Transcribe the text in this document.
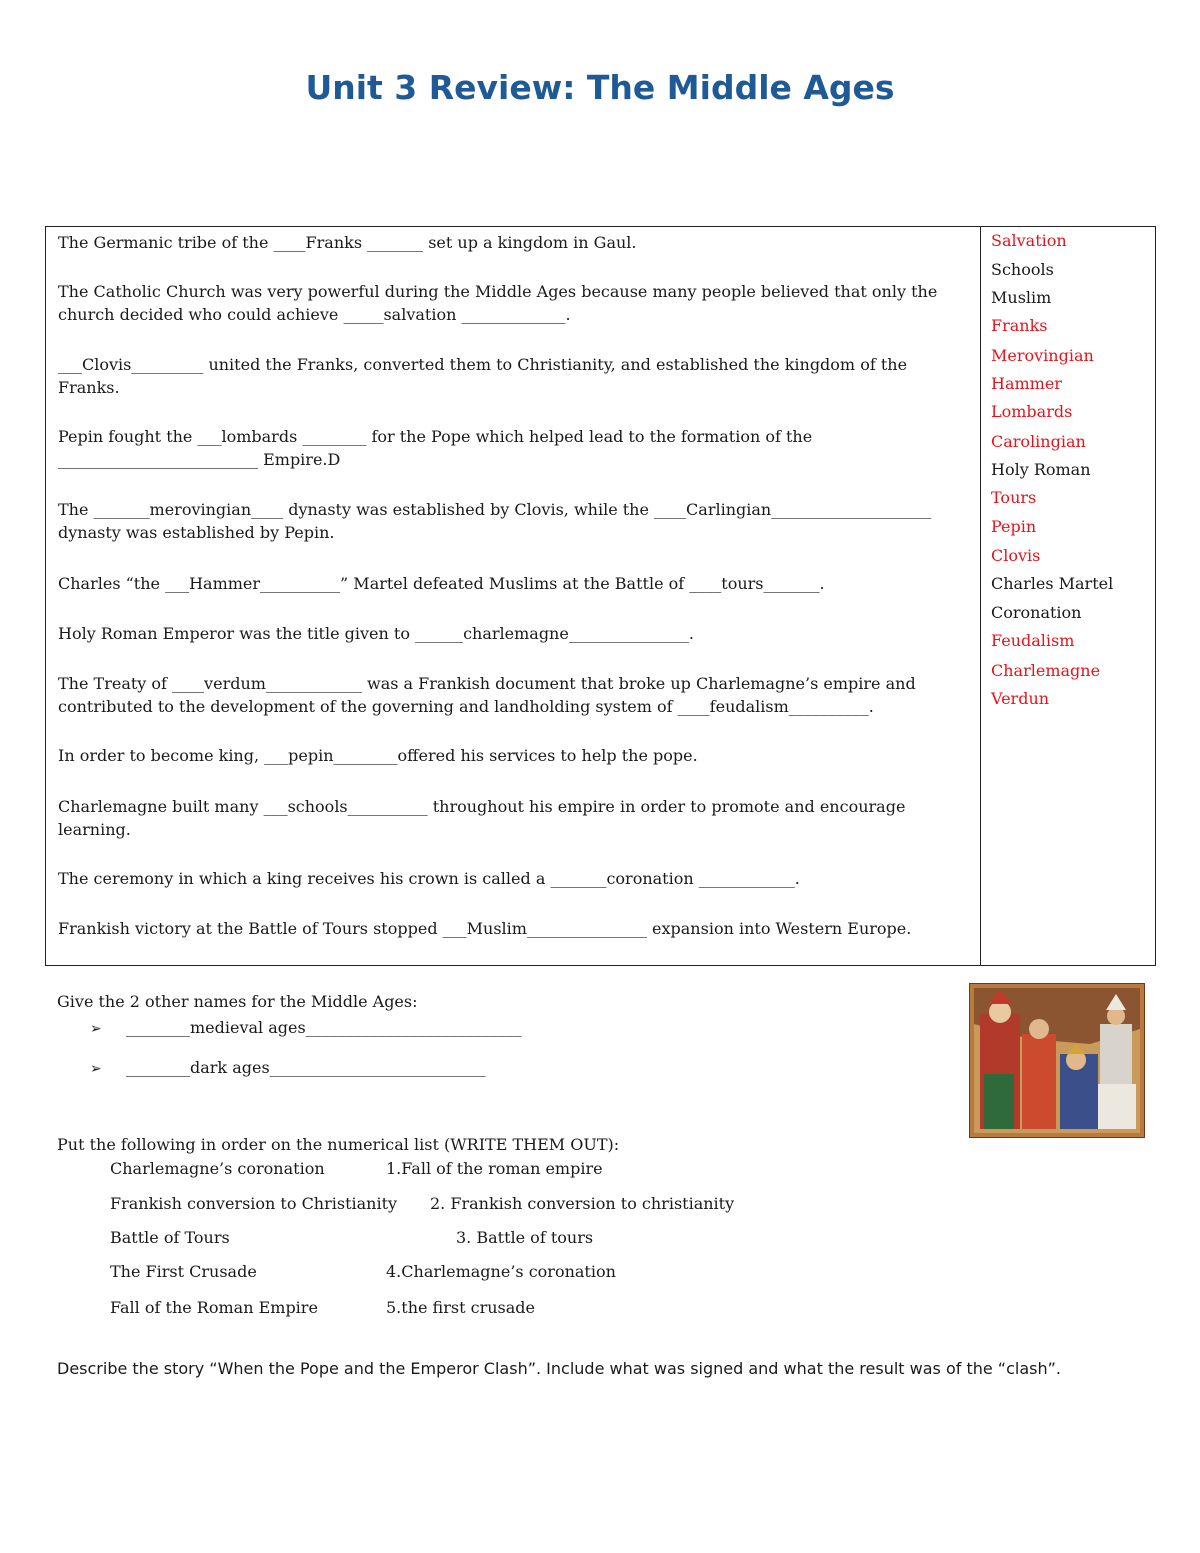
Unit 3 Review: The Middle Ages
The Germanic tribe of the ____Franks _______ set up a kingdom in Gaul.
The Catholic Church was very powerful during the Middle Ages because many people believed that only the church decided who could achieve _____salvation _____________.
___Clovis_________ united the Franks, converted them to Christianity, and established the kingdom of the Franks.
Pepin fought the ___lombards ________ for the Pope which helped lead to the formation of the _________________________ Empire.D
The _______merovingian____ dynasty was established by Clovis, while the ____Carlingian____________________ dynasty was established by Pepin.
Charles “the ___Hammer__________” Martel defeated Muslims at the Battle of ____tours_______.
Holy Roman Emperor was the title given to ______charlemagne_______________.
The Treaty of ____verdum____________ was a Frankish document that broke up Charlemagne’s empire and contributed to the development of the governing and landholding system of ____feudalism__________.
In order to become king, ___pepin________offered his services to help the pope.
Charlemagne built many ___schools__________ throughout his empire in order to promote and encourage learning.
The ceremony in which a king receives his crown is called a _______coronation ____________.
Frankish victory at the Battle of Tours stopped ___Muslim_______________ expansion into Western Europe.
Salvation
Schools
Muslim
Franks
Merovingian
Hammer
Lombards
Carolingian
Holy Roman
Tours
Pepin
Clovis
Charles Martel
Coronation
Feudalism
Charlemagne
Verdun
Give the 2 other names for the Middle Ages:
➢ ________medieval ages___________________________
➢ ________dark ages___________________________
Put the following in order on the numerical list (WRITE THEM OUT):
Charlemagne’s coronation
Frankish conversion to Christianity
Battle of Tours
The First Crusade
Fall of the Roman Empire
1.Fall of the roman empire
2. Frankish conversion to christianity
3. Battle of tours
4.Charlemagne’s coronation
5.the first crusade
Describe the story “When the Pope and the Emperor Clash”. Include what was signed and what the result was of the “clash”.
